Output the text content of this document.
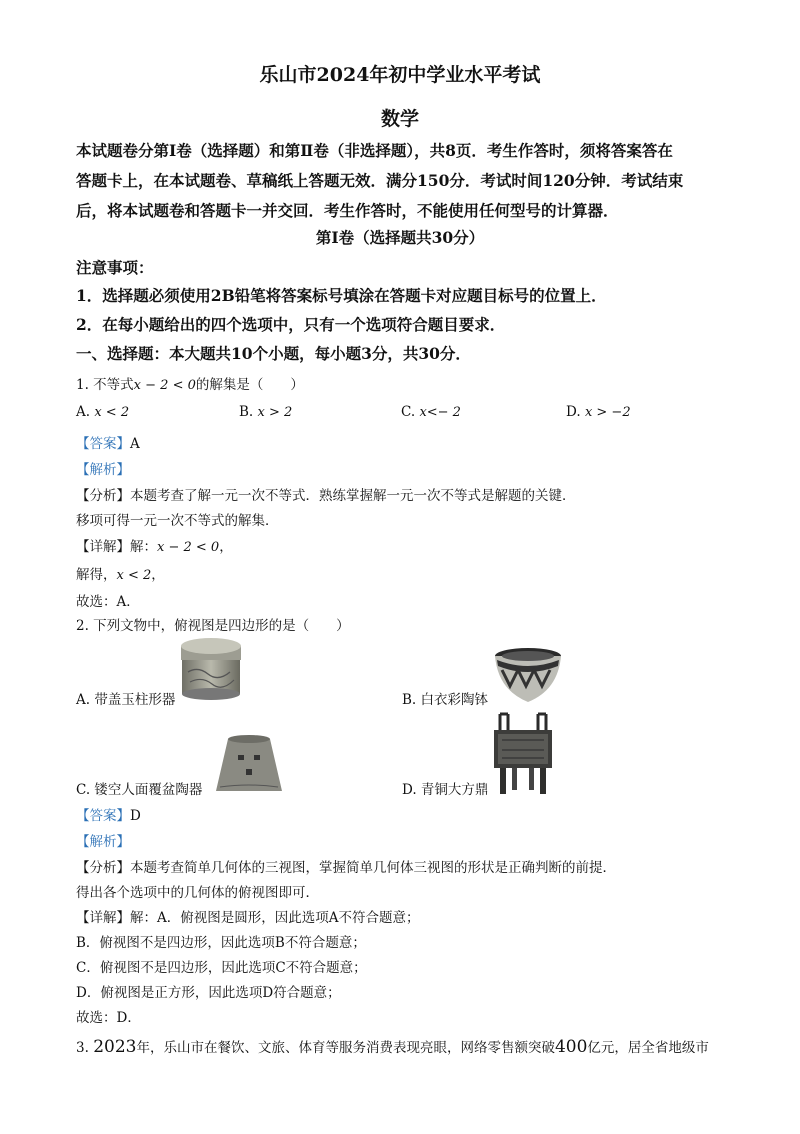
乐山市2024年初中学业水平考试
数学
本试题卷分第Ⅰ卷（选择题）和第Ⅱ卷（非选择题），共8页．考生作答时，须将答案答在
答题卡上，在本试题卷、草稿纸上答题无效．满分150分．考试时间120分钟．考试结束
后，将本试题卷和答题卡一并交回．考生作答时，不能使用任何型号的计算器．
第Ⅰ卷（选择题共30分）
注意事项：
1．选择题必须使用2B铅笔将答案标号填涂在答题卡对应题目标号的位置上．
2．在每小题给出的四个选项中，只有一个选项符合题目要求．
一、选择题：本大题共10个小题，每小题3分，共30分．
1. 不等式x − 2 < 0的解集是（　　）
A. x < 2	B. x > 2	C. x<− 2	D. x > −2
【答案】A
【解析】
【分析】本题考查了解一元一次不等式．熟练掌握解一元一次不等式是解题的关键．
移项可得一元一次不等式的解集．
【详解】解：x − 2 < 0，
解得，x < 2，
故选：A．
2. 下列文物中，俯视图是四边形的是（　　）
A. 带盖玉柱形器	B. 白衣彩陶钵
C. 镂空人面覆盆陶器	D. 青铜大方鼎
【答案】D
【解析】
【分析】本题考查简单几何体的三视图，掌握简单几何体三视图的形状是正确判断的前提．
得出各个选项中的几何体的俯视图即可．
【详解】解：A．俯视图是圆形，因此选项A不符合题意；
B．俯视图不是四边形，因此选项B不符合题意；
C．俯视图不是四边形，因此选项C不符合题意；
D．俯视图是正方形，因此选项D符合题意；
故选：D．
3. 2023年，乐山市在餐饮、文旅、体育等服务消费表现亮眼，网络零售额突破400亿元，居全省地级市
